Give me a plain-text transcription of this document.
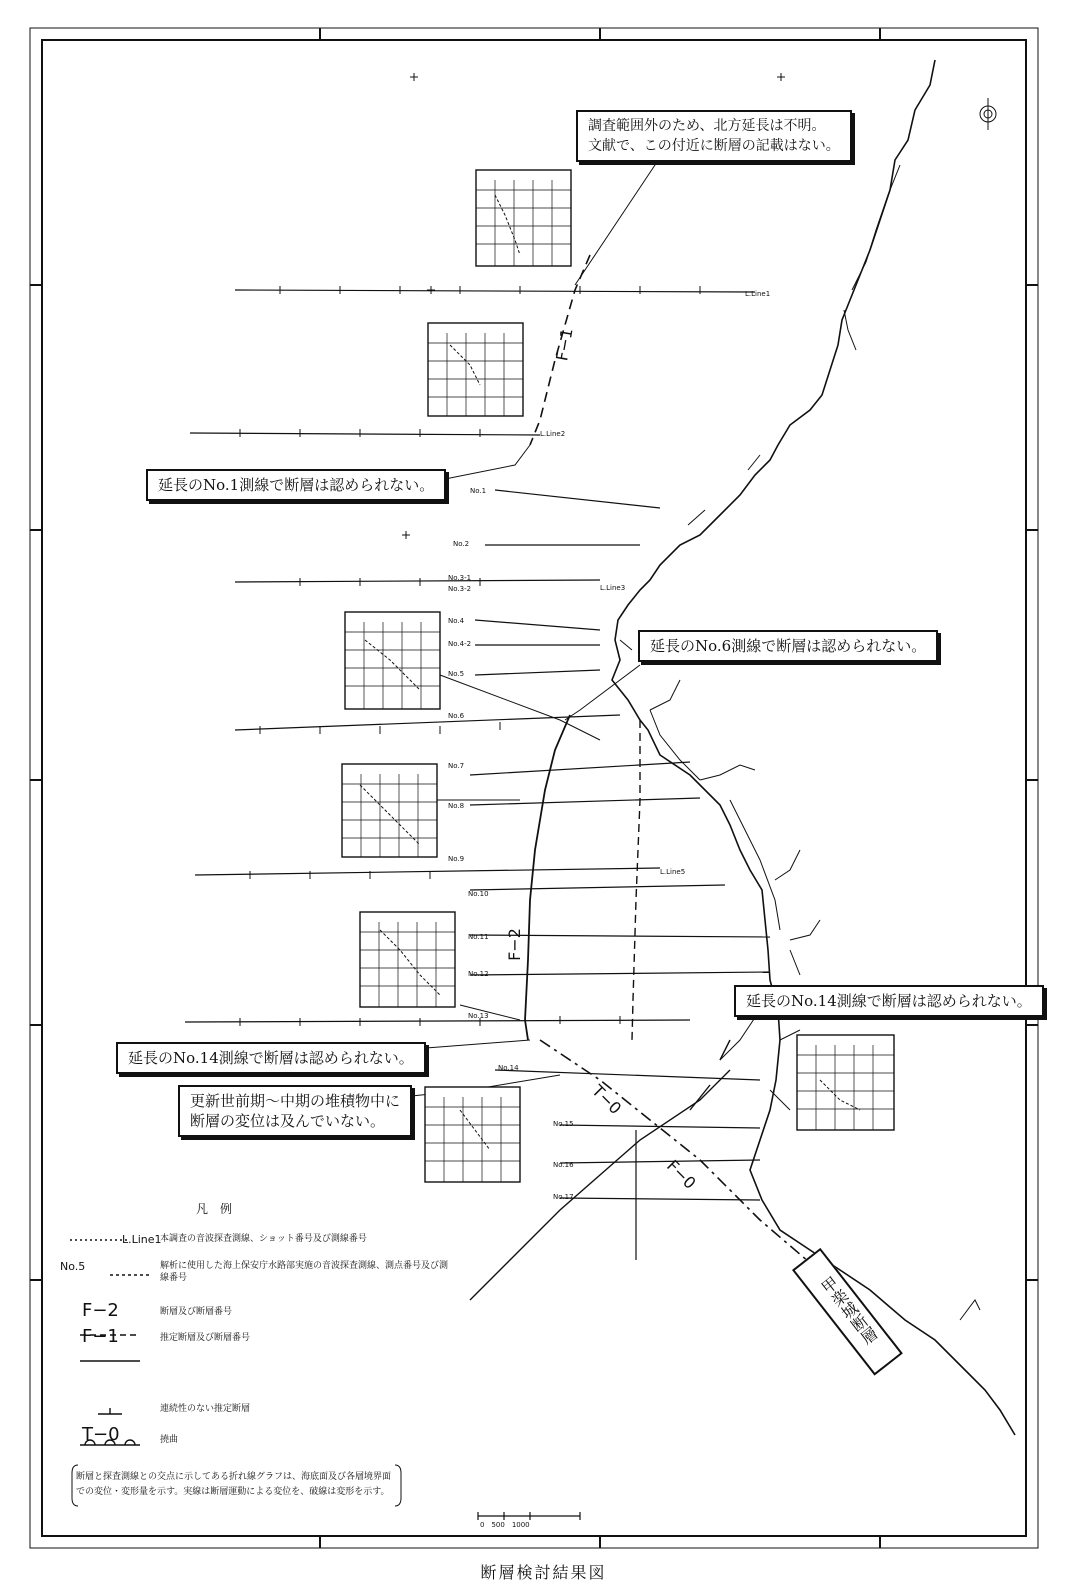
調査範囲外のため、北方延長は不明。
文献で、この付近に断層の記載はない。
延長のNo.1測線で断層は認められない。
延長のNo.6測線で断層は認められない。
延長のNo.14測線で断層は認められない。
延長のNo.14測線で断層は認められない。
更新世前期〜中期の堆積物中に
断層の変位は及んでいない。
F−1
F−2
F−0
T−0
甲楽城断層
L.Line1
L.Line2
No.1
No.2
No.3-1
No.3-2	L.Line3
No.4
No.4-2
No.5
No.6
No.7
No.8
No.9
L.Line5
No.10
No.11
No.12
No.13
No.14
No.15
No.16
No.17
凡　例
L.Line1
本調査の音波探査測線、ショット番号及び測線番号
No.5	解析に使用した海上保安庁水路部実施の音波探査測線、測点番号及び測線番号
F−2	断層及び断層番号
F−1	推定断層及び断層番号
連続性のない推定断層
T−0	撓曲
断層と探査測線との交点に示してある折れ線グラフは、海底面及び各層境界面での変位・変形量を示す。実線は断層運動による変位を、破線は変形を示す。
0　500　1000
断層検討結果図
